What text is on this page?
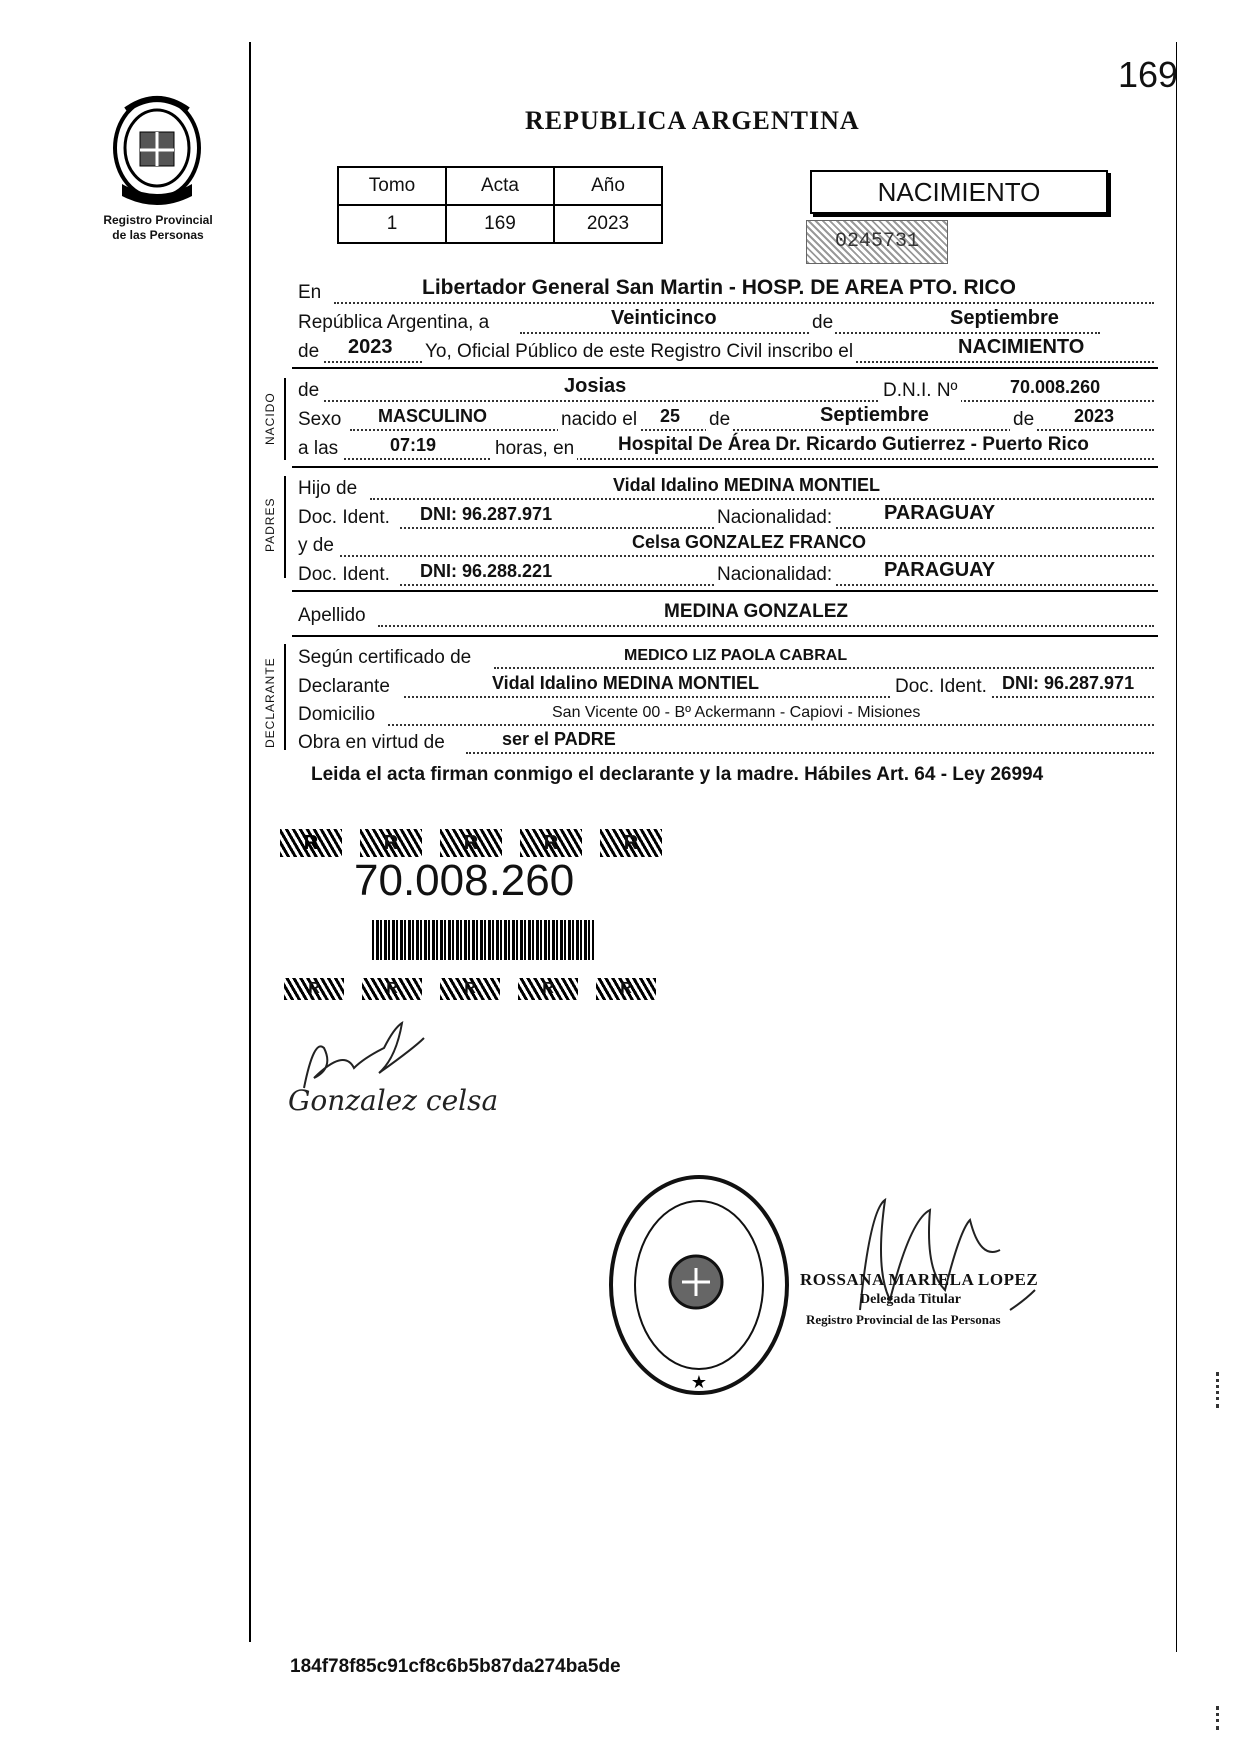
169
Registro Provincial
de las Personas
REPUBLICA ARGENTINA
Tomo	Acta	Año
1	169	2023
NACIMIENTO
0245731
En	Libertador General San Martin - HOSP. DE AREA PTO. RICO
República Argentina, a	Veinticinco	de	Septiembre
de 2023 Yo, Oficial Público de este Registro Civil inscribo el	NACIMIENTO
NACIDO
de	Josias	D.N.I. Nº	70.008.260
Sexo MASCULINO	nacido el 25 de	Septiembre	de 2023
a las	07:19	horas, en Hospital De Área Dr. Ricardo Gutierrez - Puerto Rico
PADRES
Hijo de	Vidal Idalino MEDINA MONTIEL
Doc. Ident. DNI: 96.287.971	Nacionalidad:	PARAGUAY
y de	Celsa GONZALEZ FRANCO
Doc. Ident. DNI: 96.288.221	Nacionalidad:	PARAGUAY
Apellido	MEDINA GONZALEZ
DECLARANTE Según certificado de	MEDICO LIZ PAOLA CABRAL
Declarante	Vidal Idalino MEDINA MONTIEL	Doc. Ident. DNI: 96.287.971
Domicilio	San Vicente 00 - Bº Ackermann - Capiovi - Misiones
Obra en virtud de	ser el PADRE
Leida el acta firman conmigo el declarante y la madre. Hábiles Art. 64 - Ley 26994
R	R	R	R	R
70.008.260
R	R	R	R	R
Gonzalez celsa
★
ROSSANA MARIELA LOPEZ
Delegada Titular
Registro Provincial de las Personas
184f78f85c91cf8c6b5b87da274ba5de
